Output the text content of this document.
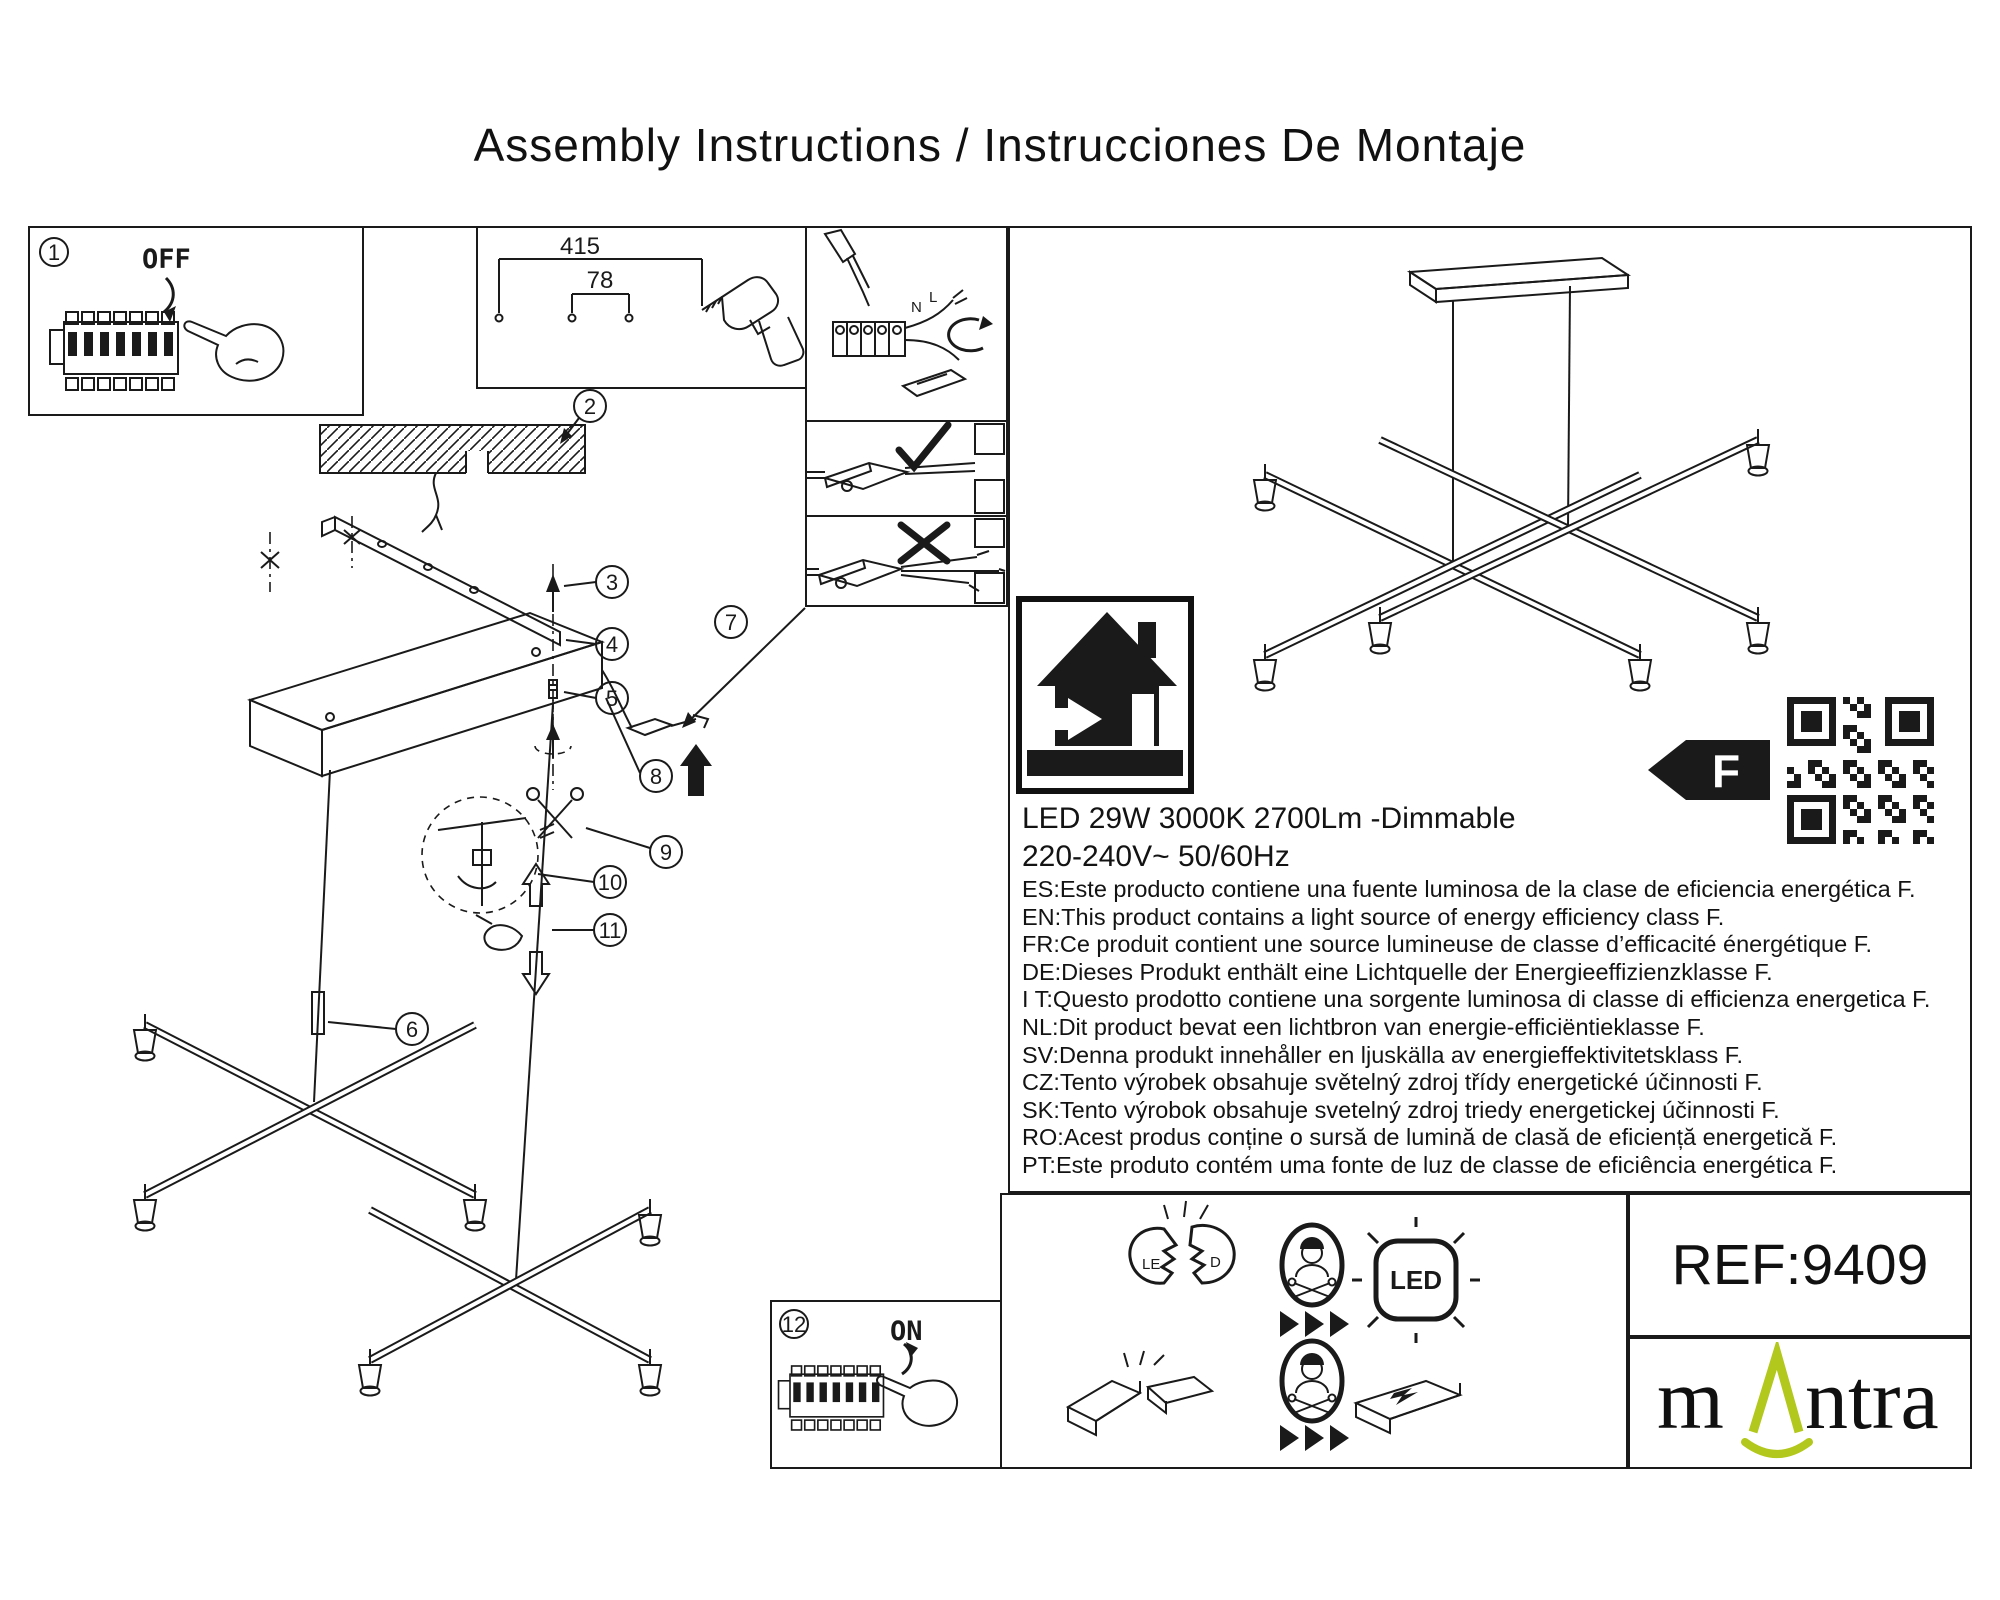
Assembly Instructions / Instrucciones De Montaje
1	OFF	415
78
N
L
2
3
4
5
7
8
9
10
11
6
F
LED 29W 3000K 2700Lm -Dimmable
220-240V~ 50/60Hz
ES:Este producto contiene una fuente luminosa de la clase de eficiencia energética F.
EN:This product contains a light source of energy efficiency class F.
FR:Ce produit contient une source lumineuse de classe d’efficacité énergétique F.
DE:Dieses Produkt enthält eine Lichtquelle der Energieeffizienzklasse F.
I T:Questo prodotto contiene una sorgente luminosa di classe di efficienza energetica F.
NL:Dit product bevat een lichtbron van energie-efficiëntieklasse F.
SV:Denna produkt innehåller en ljuskälla av energieffektivitetsklass F.
CZ:Tento výrobek obsahuje světelný zdroj třídy energetické účinnosti F.
SK:Tento výrobok obsahuje svetelný zdroj triedy energetickej účinnosti F.
RO:Acest produs conține o sursă de lumină de clasă de eficiență energetică F.
PT:Este produto contém uma fonte de luz de classe de eficiência energética F.
12	ON
LE	D
LED	REF:9409
m ntra
